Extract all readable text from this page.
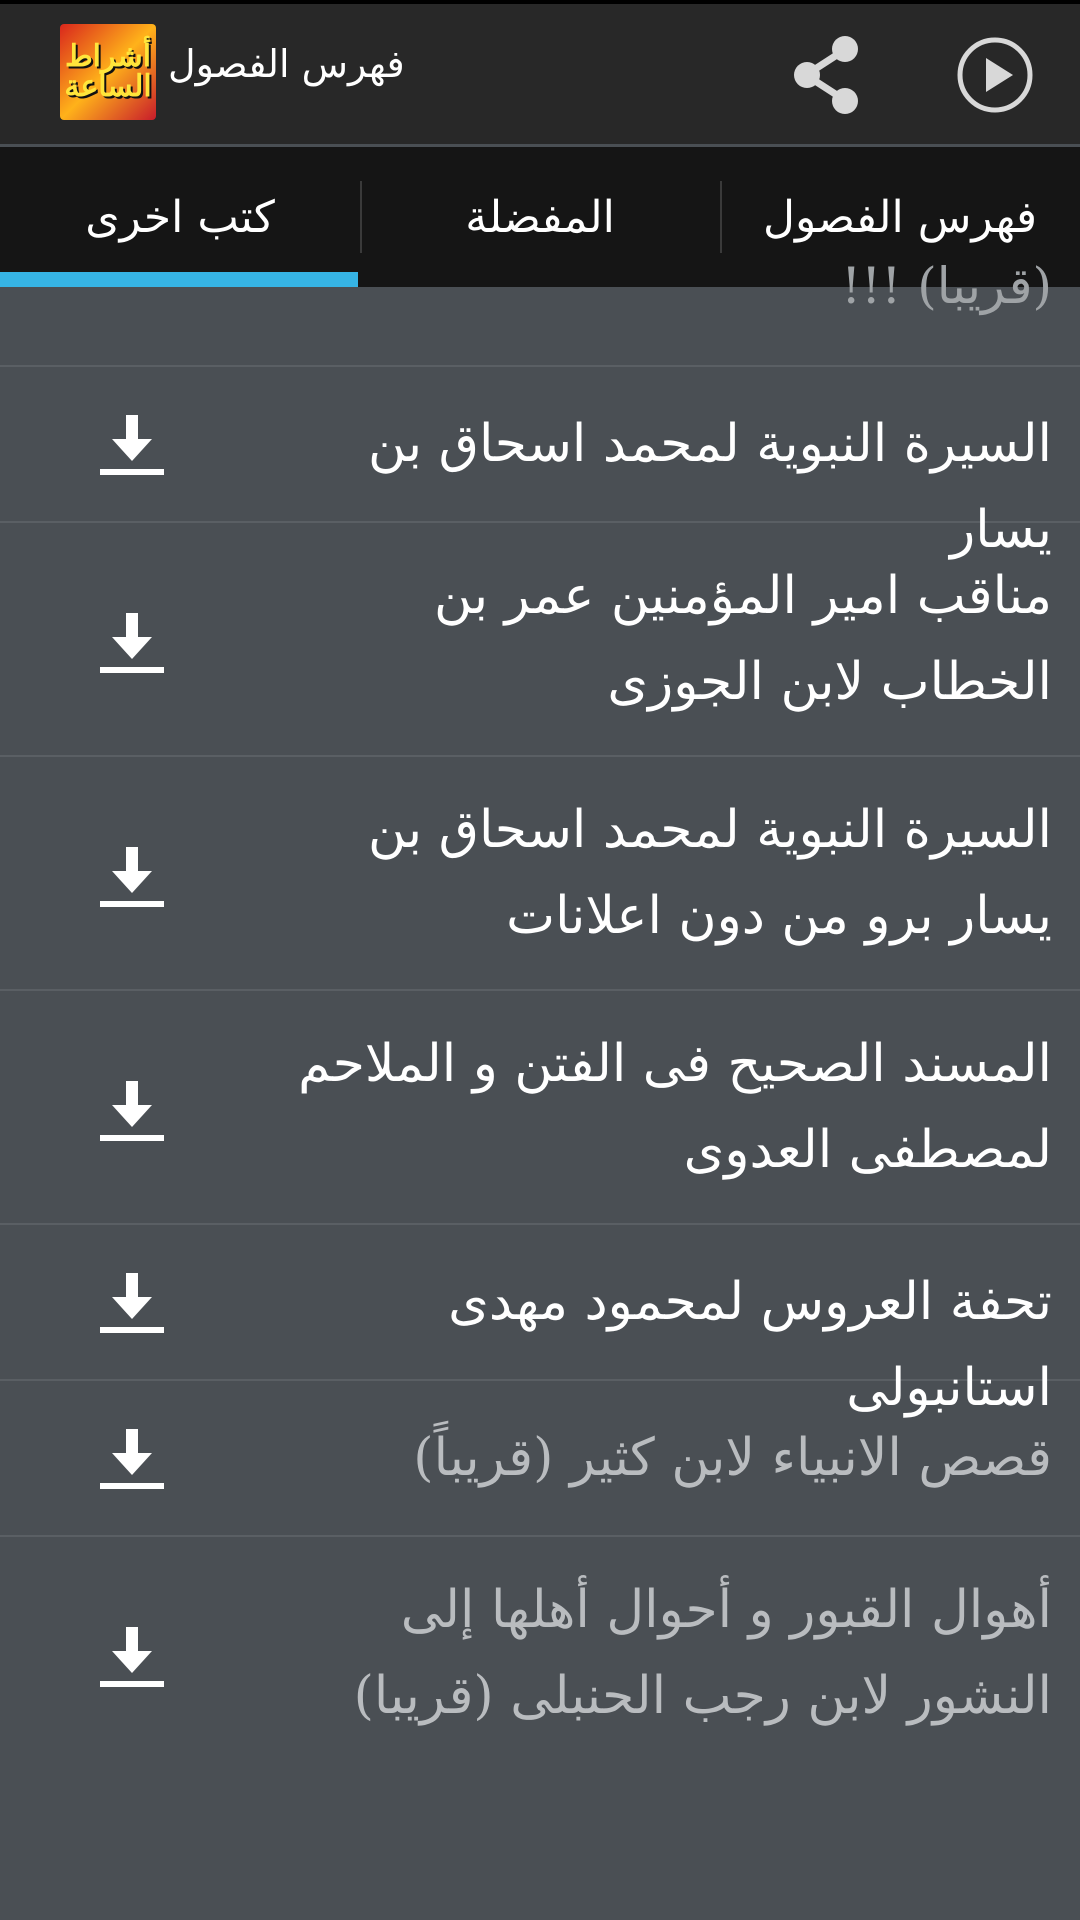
أشراط الساعة
فهرس الفصول
كتب اخرى	المفضلة	فهرس الفصول
(قريبا) !!!
السيرة النبوية لمحمد اسحاق بن يسار
مناقب امير المؤمنين عمر بن الخطاب لابن الجوزى
السيرة النبوية لمحمد اسحاق بن يسار برو من دون اعلانات
المسند الصحيح فى الفتن و الملاحم لمصطفى العدوى
تحفة العروس لمحمود مهدى استانبولى
قصص الانبياء لابن كثير (قريباً)
أهوال القبور و أحوال أهلها إلى النشور لابن رجب الحنبلى (قريبا)
